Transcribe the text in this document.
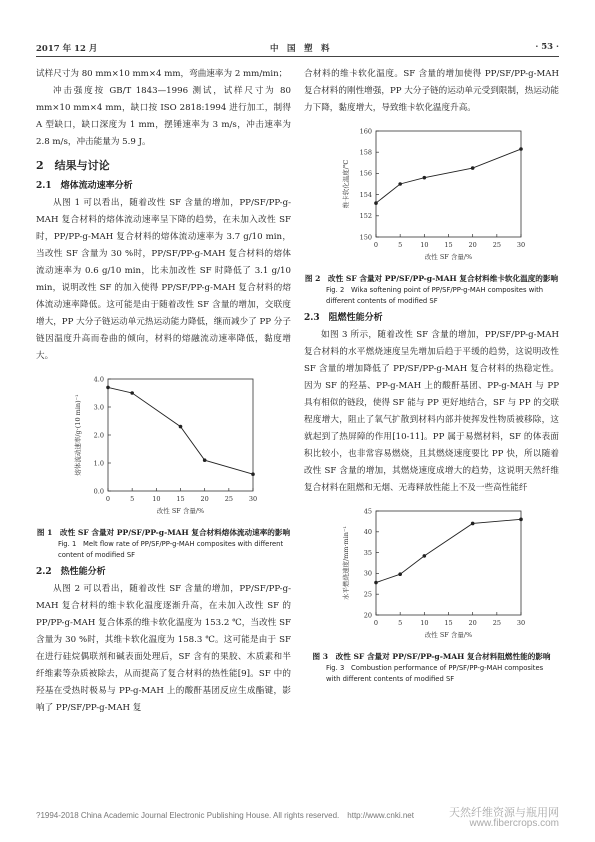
2017 年 12 月	中　国　塑　料	· 53 ·

试样尺寸为 80 mm×10 mm×4 mm，弯曲速率为 2 mm/min；

冲击强度按 GB/T 1843—1996 测试，试样尺寸为 80 mm×10 mm×4 mm，缺口按 ISO 2818:1994 进行加工，制得 A 型缺口，缺口深度为 1 mm，摆锤速率为 3 m/s，冲击速率为 2.8 m/s，冲击能量为 5.9 J。

2　结果与讨论
2.1　熔体流动速率分析

从图 1 可以看出，随着改性 SF 含量的增加，PP/SF/PP-g-MAH 复合材料的熔体流动速率呈下降的趋势，在未加入改性 SF 时，PP/PP-g-MAH 复合材料的熔体流动速率为 3.7 g/10 min，当改性 SF 含量为 30 %时，PP/SF/PP-g-MAH 复合材料的熔体流动速率为 0.6 g/10 min，比未加改性 SF 时降低了 3.1 g/10 min，说明改性 SF 的加入使得 PP/SF/PP-g-MAH 复合材料的熔体流动速率降低。这可能是由于随着改性 SF 含量的增加，交联度增大，PP 大分子链运动单元热运动能力降低，继而减少了 PP 分子链因温度升高而卷曲的倾向，材料的熔融流动速率降低，黏度增大。

0	5	10 15 20 25 30
0.0
1.0
2.0
3.0
4.0
改性 SF 含量/%
熔体流动速率/g·(10 min)⁻¹
图 1　改性 SF 含量对 PP/SF/PP-g-MAH 复合材料熔体流动速率的影响
Fig. 1　Melt flow rate of PP/SF/PP-g-MAH composites with different content of modified SF
2.2　热性能分析

从图 2 可以看出，随着改性 SF 含量的增加，PP/SF/PP-g-MAH 复合材料的维卡软化温度逐渐升高，在未加入改性 SF 的 PP/PP-g-MAH 复合体系的维卡软化温度为 153.2 ℃，当改性 SF 含量为 30 %时，其维卡软化温度为 158.3 ℃。这可能是由于 SF 在进行硅烷偶联剂和碱表面处理后，SF 含有的果胶、木质素和半纤维素等杂质被除去，从而提高了复合材料的热性能[9]。SF 中的羟基在受热时极易与 PP-g-MAH 上的酸酐基团反应生成酯键，影响了 PP/SF/PP-g-MAH 复

合材料的维卡软化温度。SF 含量的增加使得 PP/SF/PP-g-MAH 复合材料的刚性增强，PP 大分子链的运动单元受到限制，热运动能力下降，黏度增大，导致维卡软化温度升高。

0	5	10 15 20 25 30
150
152
154
156
158
160
改性 SF 含量/%
维卡软化温度/℃
图 2　改性 SF 含量对 PP/SF/PP-g-MAH 复合材料维卡软化温度的影响
Fig. 2　Wika softening point of PP/SF/PP-g-MAH composites with different contents of modified SF
2.3　阻燃性能分析

如图 3 所示，随着改性 SF 含量的增加，PP/SF/PP-g-MAH 复合材料的水平燃烧速度呈先增加后趋于平缓的趋势，这说明改性 SF 含量的增加降低了 PP/SF/PP-g-MAH 复合材料的热稳定性。因为 SF 的羟基、PP-g-MAH 上的酸酐基团、PP-g-MAH 与 PP 具有相似的链段，使得 SF 能与 PP 更好地结合，SF 与 PP 的交联程度增大，阻止了氧气扩散到材料内部并使挥发性物质被移除，这就起到了热屏障的作用[10-11]。PP 属于易燃材料，SF 的体表面积比较小，也非常容易燃烧，且其燃烧速度要比 PP 快，所以随着改性 SF 含量的增加，其燃烧速度成增大的趋势，这说明天然纤维复合材料在阻燃和无烟、无毒释放性能上不及一些高性能纤

0	5	10 15 20 25 30
20
25
30
35
40
45
改性 SF 含量/%
水平燃烧速度/mm·min⁻¹
图 3　改性 SF 含量对 PP/SF/PP-g-MAH 复合材料阻燃性能的影响
Fig. 3　Combustion performance of PP/SF/PP-g-MAH composites with different contents of modified SF
?1994-2018 China Academic Journal Electronic Publishing House. All rights reserved.　http://www.cnki.net	天然纤维资源与瓶用网
www.fibercrops.com
